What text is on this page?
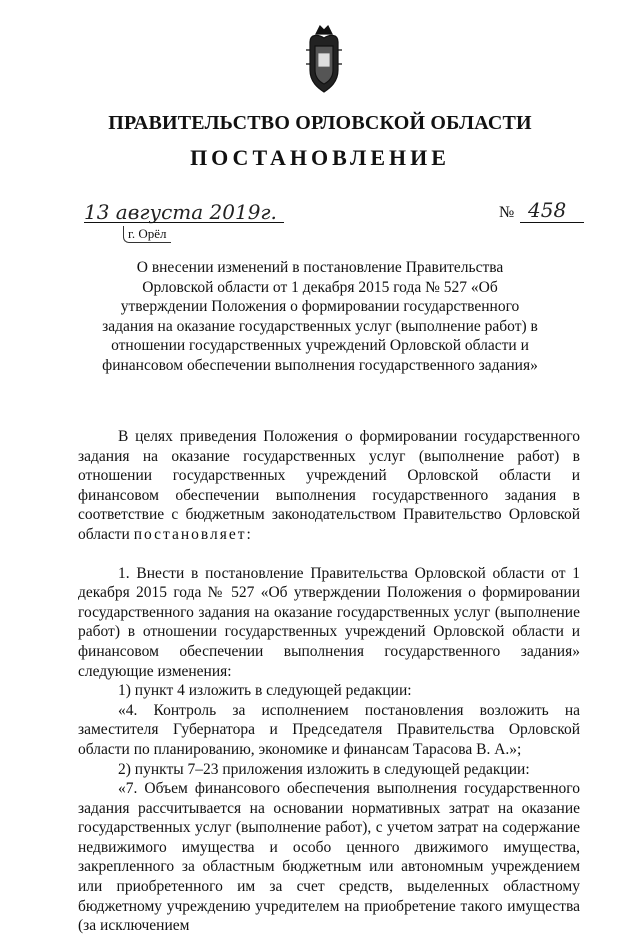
ПРАВИТЕЛЬСТВО ОРЛОВСКОЙ ОБЛАСТИ
ПОСТАНОВЛЕНИЕ
13 августа 2019г.
г. Орёл
№ 458
О внесении изменений в постановление Правительства Орловской области от 1 декабря 2015 года № 527 «Об утверждении Положения о формировании государственного задания на оказание государственных услуг (выполнение работ) в отношении государственных учреждений Орловской области и финансовом обеспечении выполнения государственного задания»

В целях приведения Положения о формировании государственного задания на оказание государственных услуг (выполнение работ) в отношении государственных учреждений Орловской области и финансовом обеспечении выполнения государственного задания в соответствие с бюджетным законодательством Правительство Орловской области постановляет:

1. Внести в постановление Правительства Орловской области от 1 декабря 2015 года № 527 «Об утверждении Положения о формировании государственного задания на оказание государственных услуг (выполнение работ) в отношении государственных учреждений Орловской области и финансовом обеспечении выполнения государственного задания» следующие изменения:

1) пункт 4 изложить в следующей редакции:

«4. Контроль за исполнением постановления возложить на заместителя Губернатора и Председателя Правительства Орловской области по планированию, экономике и финансам Тарасова В. А.»;

2) пункты 7–23 приложения изложить в следующей редакции:

«7. Объем финансового обеспечения выполнения государственного задания рассчитывается на основании нормативных затрат на оказание государственных услуг (выполнение работ), с учетом затрат на содержание недвижимого имущества и особо ценного движимого имущества, закрепленного за областным бюджетным или автономным учреждением или приобретенного им за счет средств, выделенных областному бюджетному учреждению учредителем на приобретение такого имущества (за исключением
